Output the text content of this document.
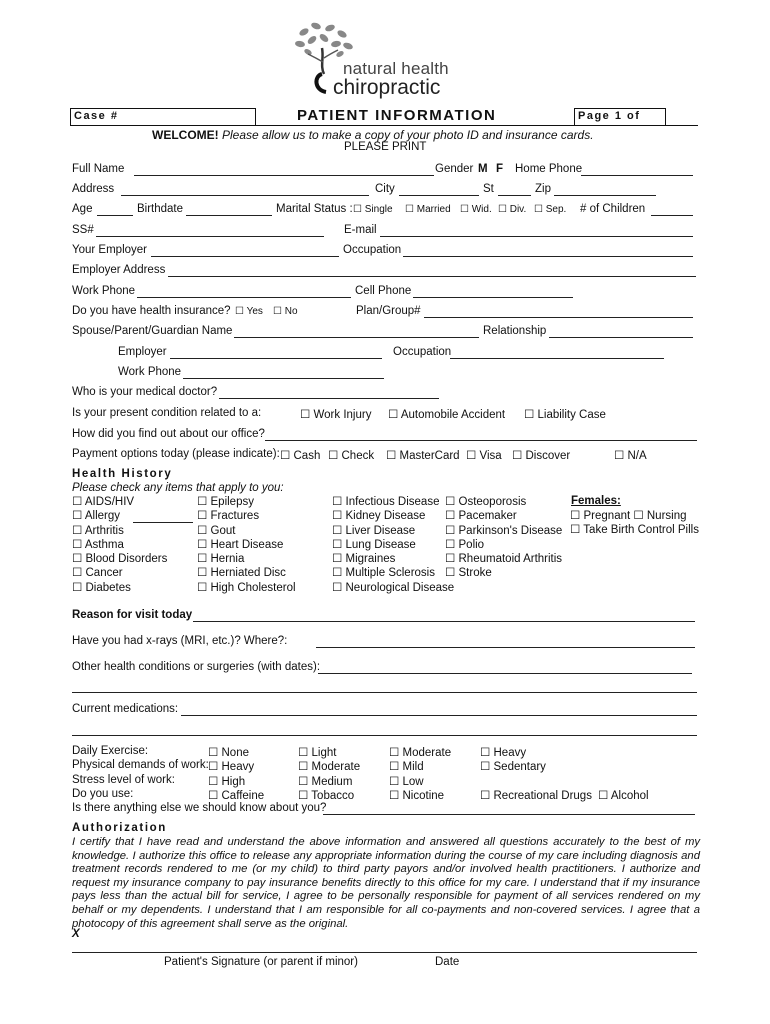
natural health
chiropractic
Case #	PATIENT INFORMATION	Page 1 of
WELCOME! Please allow us to make a copy of your photo ID and insurance cards.
PLEASE PRINT
Full Name	Gender M F Home Phone
Address	City	St	Zip
Age	Birthdate	Marital Status : ☐ Single ☐ Married ☐ Wid. ☐ Div. ☐ Sep. # of Children
SS#	E-mail
Your Employer	Occupation
Employer Address
Work Phone	Cell Phone
Do you have health insurance? ☐ Yes ☐ No	Plan/Group#
Spouse/Parent/Guardian Name	Relationship
Employer	Occupation
Work Phone
Who is your medical doctor?
Is your present condition related to a:	☐ Work Injury ☐ Automobile Accident ☐ Liability Case
How did you find out about our office?
Payment options today (please indicate): ☐ Cash ☐ Check ☐ MasterCard ☐ Visa ☐ Discover	☐ N/A
Health History
Please check any items that apply to you:
☐ AIDS/HIV
☐ Allergy
☐ Arthritis
☐ Asthma
☐ Blood Disorders
☐ Cancer
☐ Diabetes
☐ Epilepsy
☐ Fractures
☐ Gout
☐ Heart Disease
☐ Hernia
☐ Herniated Disc
☐ High Cholesterol
☐ Infectious Disease
☐ Kidney Disease
☐ Liver Disease
☐ Lung Disease
☐ Migraines
☐ Multiple Sclerosis
☐ Neurological Disease
☐ Osteoporosis
☐ Pacemaker
☐ Parkinson's Disease
☐ Polio
☐ Rheumatoid Arthritis
☐ Stroke
Females:
☐ Pregnant ☐ Nursing
☐ Take Birth Control Pills
Reason for visit today
Have you had x-rays (MRI, etc.)? Where?:
Other health conditions or surgeries (with dates):
Current medications:
Daily Exercise:	☐ None	☐ Light	☐ Moderate	☐ Heavy
Physical demands of work: ☐ Heavy	☐ Moderate	☐ Mild	☐ Sedentary
Stress level of work:	☐ High	☐ Medium	☐ Low
Do you use:	☐ Caffeine	☐ Tobacco	☐ Nicotine	☐ Recreational Drugs ☐ Alcohol
Is there anything else we should know about you?
Authorization
I certify that I have read and understand the above information and answered all questions accurately to the best of my knowledge. I authorize this office to release any appropriate information during the course of my care including diagnosis and treatment records rendered to me (or my child) to third party payors and/or involved health practitioners. I authorize and request my insurance company to pay insurance benefits directly to this office for my care. I understand that if my insurance pays less than the actual bill for service, I agree to be personally responsible for payment of all services rendered on my behalf or my dependents. I understand that I am responsible for all co-payments and non-covered services. I agree that a photocopy of this agreement shall serve as the original.
X
Patient's Signature (or parent if minor)	Date
